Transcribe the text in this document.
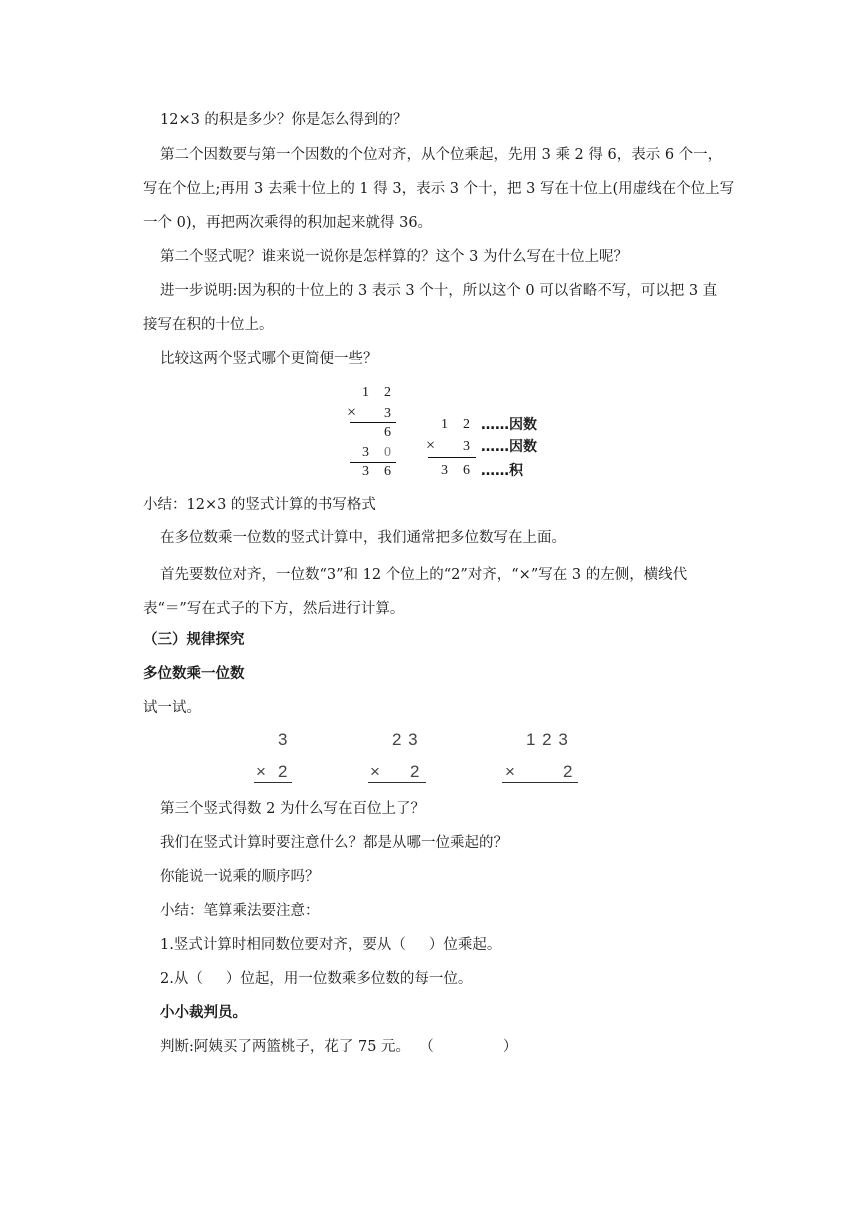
12×3 的积是多少？你是怎么得到的？
第二个因数要与第一个因数的个位对齐，从个位乘起，先用 3 乘 2 得 6，表示 6 个一，
写在个位上;再用 3 去乘十位上的 1 得 3，表示 3 个十，把 3 写在十位上(用虚线在个位上写
一个 0)，再把两次乘得的积加起来就得 36。
第二个竖式呢？谁来说一说你是怎样算的？这个 3 为什么写在十位上呢？
进一步说明:因为积的十位上的 3 表示 3 个十，所以这个 0 可以省略不写，可以把 3 直
接写在积的十位上。
比较这两个竖式哪个更简便一些？
1 2
× 3
6
3 0
3 6
1 2 ……因数
× 3 ……因数
3 6 ……积
小结：12×3 的竖式计算的书写格式
在多位数乘一位数的竖式计算中，我们通常把多位数写在上面。
首先要数位对齐，一位数“3”和 12 个位上的“2”对齐，“×”写在 3 的左侧，横线代
表“＝”写在式子的下方，然后进行计算。
（三）规律探究
多位数乘一位数
试一试。
3
× 2
2 3
× 2
1 2 3
×	2
第三个竖式得数 2 为什么写在百位上了？
我们在竖式计算时要注意什么？都是从哪一位乘起的？
你能说一说乘的顺序吗？
小结：笔算乘法要注意：
1.竖式计算时相同数位要对齐，要从（     ）位乘起。
2.从（     ）位起，用一位数乘多位数的每一位。
小小裁判员。
判断:阿姨买了两篮桃子，花了 75 元。  （               ）
